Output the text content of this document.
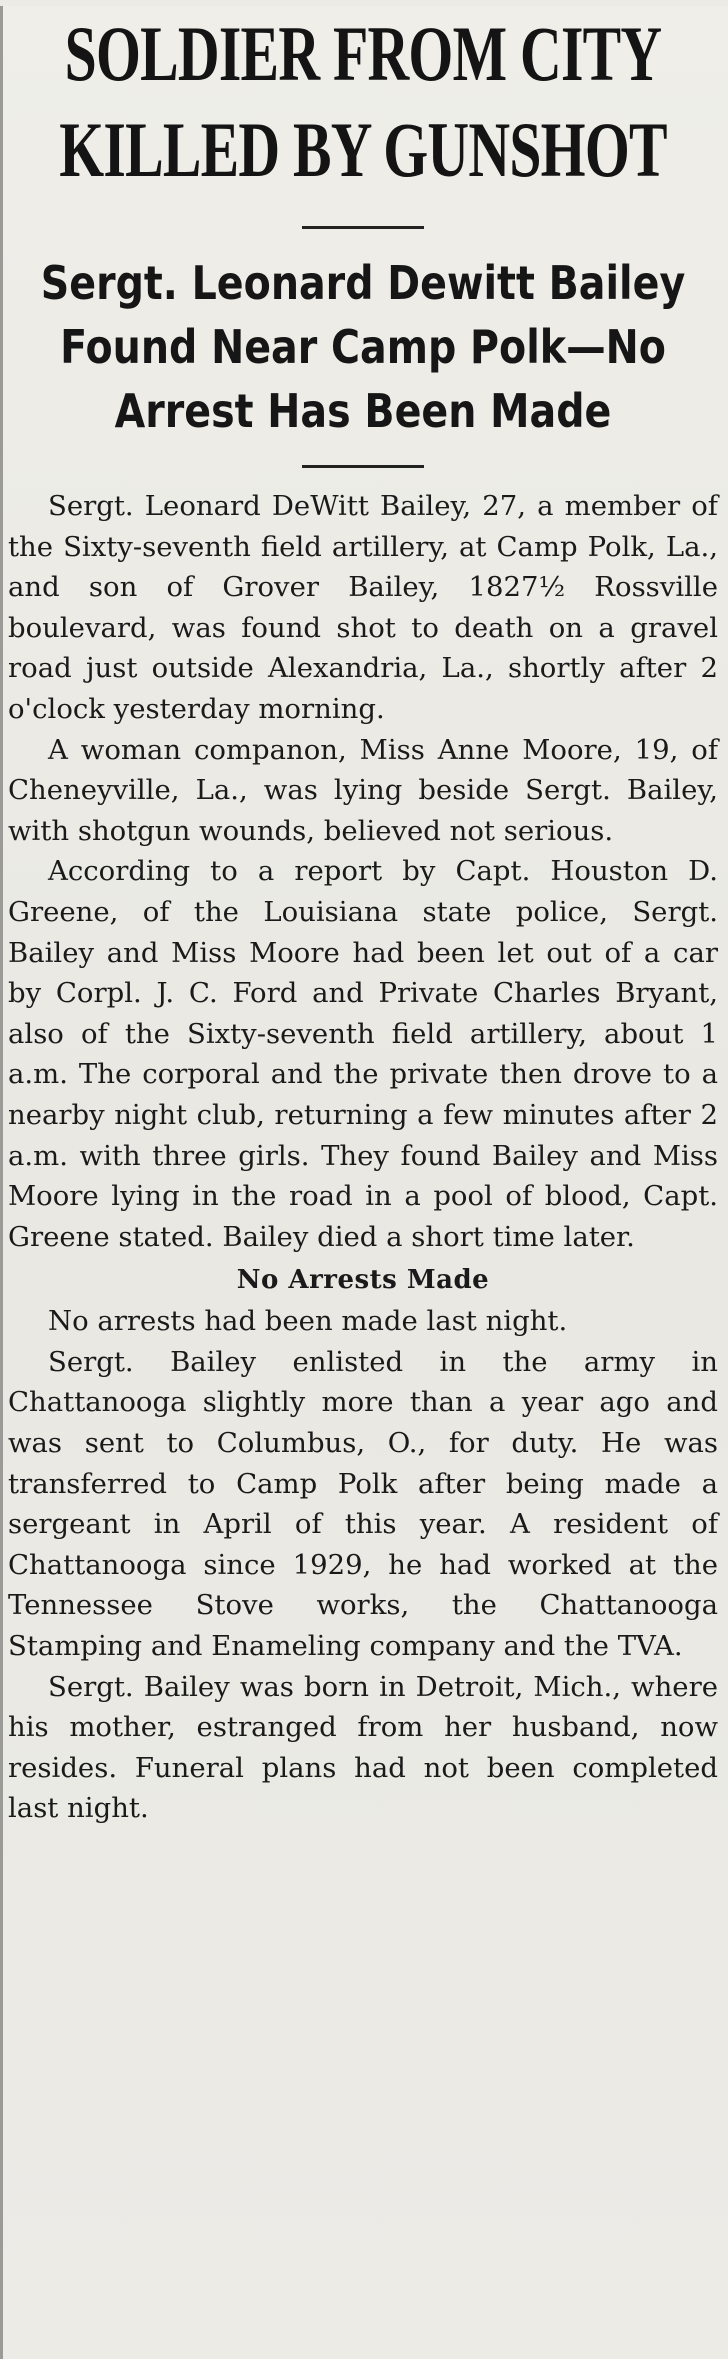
SOLDIER FROM CITY
KILLED BY GUNSHOT
Sergt. Leonard Dewitt Bailey
Found Near Camp Polk—No
Arrest Has Been Made

Sergt. Leonard DeWitt Bailey, 27, a member of the Sixty-seventh field artillery, at Camp Polk, La., and son of Grover Bailey, 1827½ Rossville boulevard, was found shot to death on a gravel road just outside Alexandria, La., shortly after 2 o'clock yesterday morning.

A woman companon, Miss Anne Moore, 19, of Cheneyville, La., was lying beside Sergt. Bailey, with shotgun wounds, believed not serious.

According to a report by Capt. Houston D. Greene, of the Louisiana state police, Sergt. Bailey and Miss Moore had been let out of a car by Corpl. J. C. Ford and Private Charles Bryant, also of the Sixty-seventh field artillery, about 1 a.m. The corporal and the private then drove to a nearby night club, returning a few minutes after 2 a.m. with three girls. They found Bailey and Miss Moore lying in the road in a pool of blood, Capt. Greene stated. Bailey died a short time later.

No Arrests Made

No arrests had been made last night.

Sergt. Bailey enlisted in the army in Chattanooga slightly more than a year ago and was sent to Columbus, O., for duty. He was transferred to Camp Polk after being made a sergeant in April of this year. A resident of Chattanooga since 1929, he had worked at the Tennessee Stove works, the Chattanooga Stamping and Enameling company and the TVA.

Sergt. Bailey was born in Detroit, Mich., where his mother, estranged from her husband, now resides. Funeral plans had not been completed last night.
